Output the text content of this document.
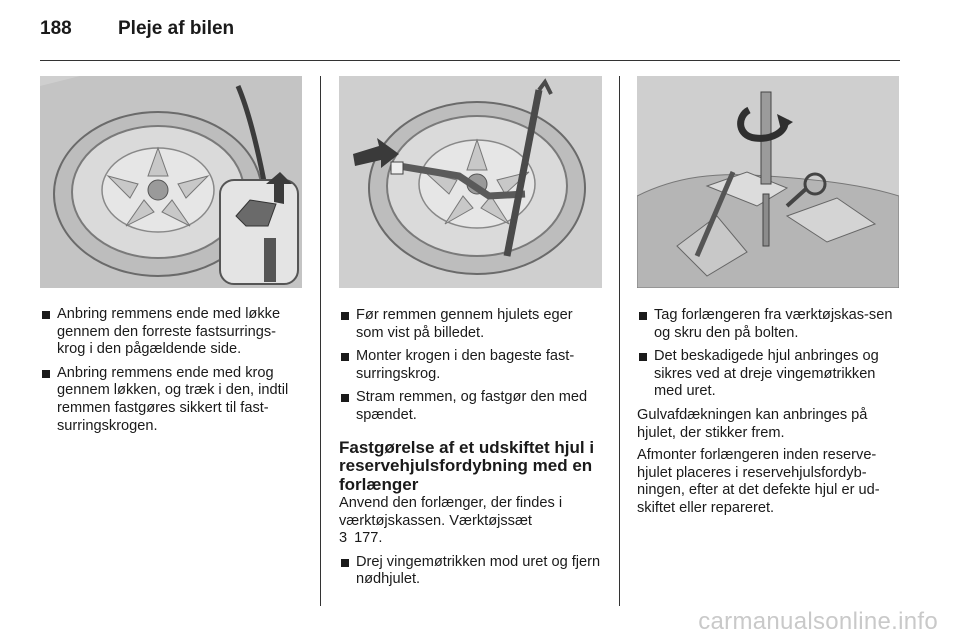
188	Pleje af bilen
Anbring remmens ende med løkke gennem den forreste fastsurrings-krog i den pågældende side.
Anbring remmens ende med krog gennem løkken, og træk i den, indtil remmen fastgøres sikkert til fast-surringskrogen.
Før remmen gennem hjulets eger som vist på billedet.
Monter krogen i den bageste fast-surringskrog.
Stram remmen, og fastgør den med spændet.
Fastgørelse af et udskiftet hjul i reservehjulsfordybning med en forlænger
Anvend den forlænger, der findes i værktøjskassen. Værktøjssæt
3 177.
Drej vingemøtrikken mod uret og fjern nødhjulet.
Tag forlængeren fra værktøjskas-sen og skru den på bolten.
Det beskadigede hjul anbringes og sikres ved at dreje vingemøtrikken med uret.

Gulvafdækningen kan anbringes på hjulet, der stikker frem.

Afmonter forlængeren inden reserve-hjulet placeres i reservehjulsfordyb-ningen, efter at det defekte hjul er ud-skiftet eller repareret.

carmanualsonline.info
